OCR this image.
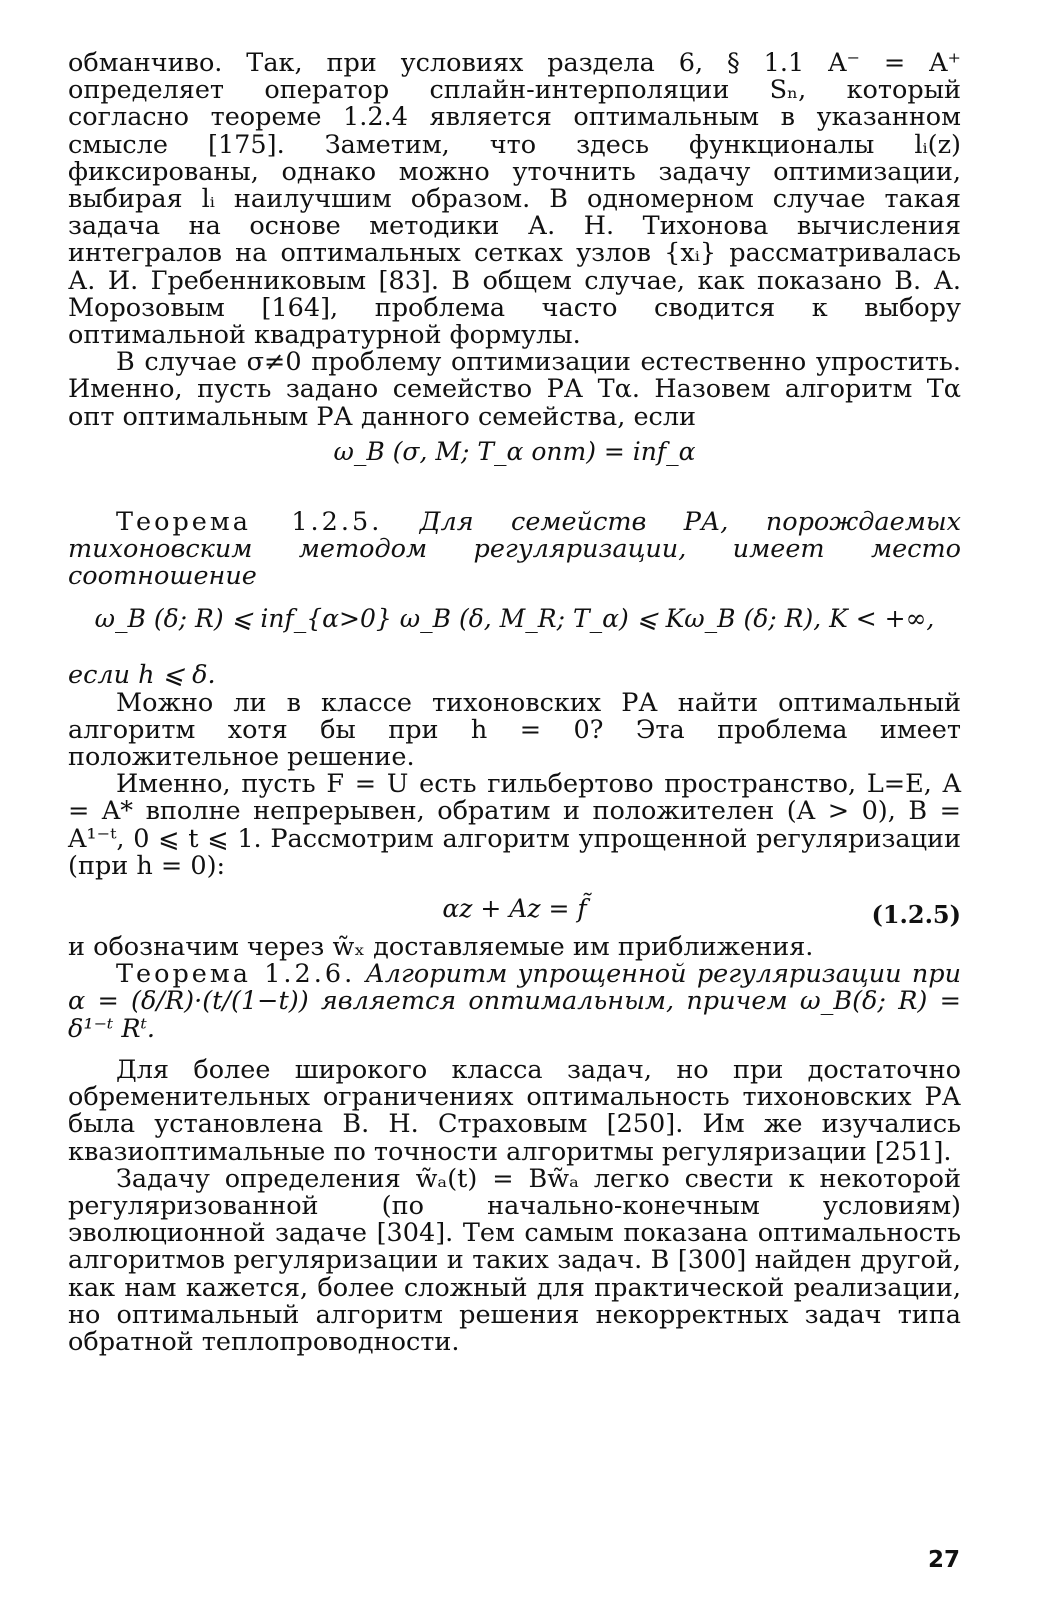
обманчиво. Так, при условиях раздела 6, § 1.1 A⁻ = A⁺ определяет оператор сплайн-интерполяции Sₙ, который согласно теореме 1.2.4 является оптимальным в указанном смысле [175]. Заметим, что здесь функционалы lᵢ(z) фиксированы, однако можно уточнить задачу оптимизации, выбирая lᵢ наилучшим образом. В одномерном случае такая задача на основе методики А. Н. Тихонова вычисления интегралов на оптимальных сетках узлов {xᵢ} рассматривалась А. И. Гребенниковым [83]. В общем случае, как показано В. А. Морозовым [164], проблема часто сводится к выбору оптимальной квадратурной формулы.

В случае σ≠0 проблему оптимизации естественно упростить. Именно, пусть задано семейство РА Tα. Назовем алгоритм Tα опт оптимальным РА данного семейства, если

ω_B (σ, M; T_α опт) = inf_α

Теорема 1.2.5. Для семейств РА, порождаемых тихоновским методом регуляризации, имеет место соотношение

ω_B (δ; R) ⩽ inf_{α>0} ω_B (δ, M_R; T_α) ⩽ Kω_B (δ; R), K < +∞,

если h ⩽ δ.

Можно ли в классе тихоновских РА найти оптимальный алгоритм хотя бы при h = 0? Эта проблема имеет положительное решение.

Именно, пусть F = U есть гильбертово пространство, L=E, A = A* вполне непрерывен, обратим и положителен (A > 0), B = A¹⁻ᵗ, 0 ⩽ t ⩽ 1. Рассмотрим алгоритм упрощенной регуляризации (при h = 0):

αz + Az = f̃	(1.2.5)

и обозначим через w̃ₓ доставляемые им приближения.

Теорема 1.2.6. Алгоритм упрощенной регуляризации при α = (δ/R)·(t/(1−t)) является оптимальным, причем ω_B(δ; R) = δ¹⁻ᵗ Rᵗ.

Для более широкого класса задач, но при достаточно обременительных ограничениях оптимальность тихоновских РА была установлена В. Н. Страховым [250]. Им же изучались квазиоптимальные по точности алгоритмы регуляризации [251].

Задачу определения w̃ₐ(t) = Bw̃ₐ легко свести к некоторой регуляризованной (по начально-конечным условиям) эволюционной задаче [304]. Тем самым показана оптимальность алгоритмов регуляризации и таких задач. В [300] найден другой, как нам кажется, более сложный для практической реализации, но оптимальный алгоритм решения некорректных задач типа обратной теплопроводности.

27
